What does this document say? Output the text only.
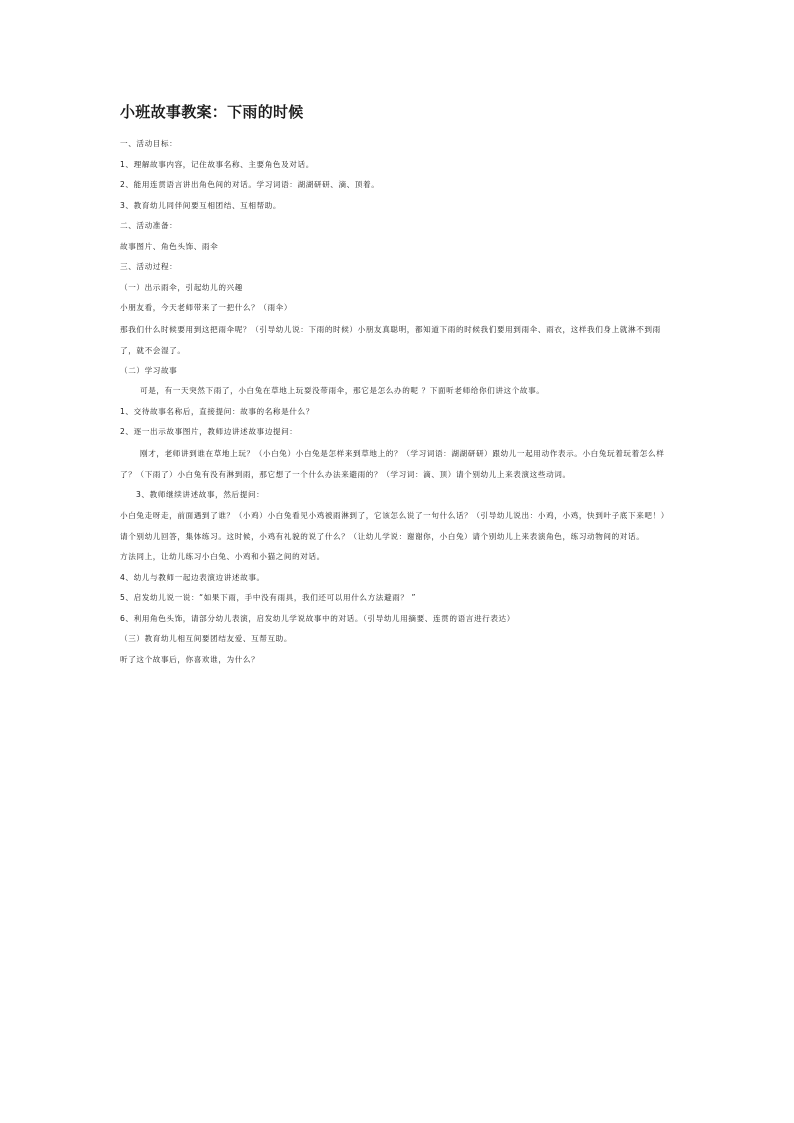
小班故事教案：下雨的时候

一、活动目标：

1、理解故事内容，记住故事名称、主要角色及对话。

2、能用连贯语言讲出角色间的对话。学习词语：湖湖研研、滴、顶着。

3、教育幼儿同伴间要互相团结、互相帮助。

二、活动准备：

故事图片、角色头饰、雨伞

三、活动过程：

（一）出示雨伞，引起幼儿的兴趣

小朋友看，今天老师带来了一把什么？（雨伞）

那我们什么时候要用到这把雨伞呢？（引导幼儿说：下雨的时候）小朋友真聪明，都知道下雨的时候我们要用到雨伞、雨衣，这样我们身上就淋不到雨了，就不会湿了。

（二）学习故事

可是，有一天突然下雨了，小白兔在草地上玩耍没带雨伞，那它是怎么办的呢 ？下面听老师给你们讲这个故事。

1、交待故事名称后，直接提问：故事的名称是什么？

2、逐一出示故事图片，教师边讲述故事边提问：

刚才，老师讲到谁在草地上玩？（小白兔）小白兔是怎样来到草地上的？（学习词语：湖湖研研）跟幼儿一起用动作表示。小白兔玩着玩着怎么样了？（下雨了）小白兔有没有淋到雨，那它想了一个什么办法来避雨的？（学习词：滴、顶）请个别幼儿上来表演这些动词。

3、教师继续讲述故事，然后提问：

小白兔走呀走，前面遇到了谁？（小鸡）小白兔看见小鸡被雨淋到了，它该怎么说了一句什么话？（引导幼儿说出：小鸡，小鸡，快到叶子底下来吧！）请个别幼儿回答，集体练习。这时候，小鸡有礼貌的说了什么？（让幼儿学说：谢谢你，小白兔）请个别幼儿上来表演角色，练习动物间的对话。

方法同上，让幼儿练习小白兔、小鸡和小猫之间的对话。

4、幼儿与教师一起边表演边讲述故事。

5、启发幼儿说一说：“如果下雨，手中没有雨具，我们还可以用什么方法避雨？ ”

6、利用角色头饰，请部分幼儿表演，启发幼儿学说故事中的对话。（引导幼儿用摘要、连贯的语言进行表达）

（三）教育幼儿相互间要团结友爱、互帮互助。

听了这个故事后，你喜欢谁，为什么？
